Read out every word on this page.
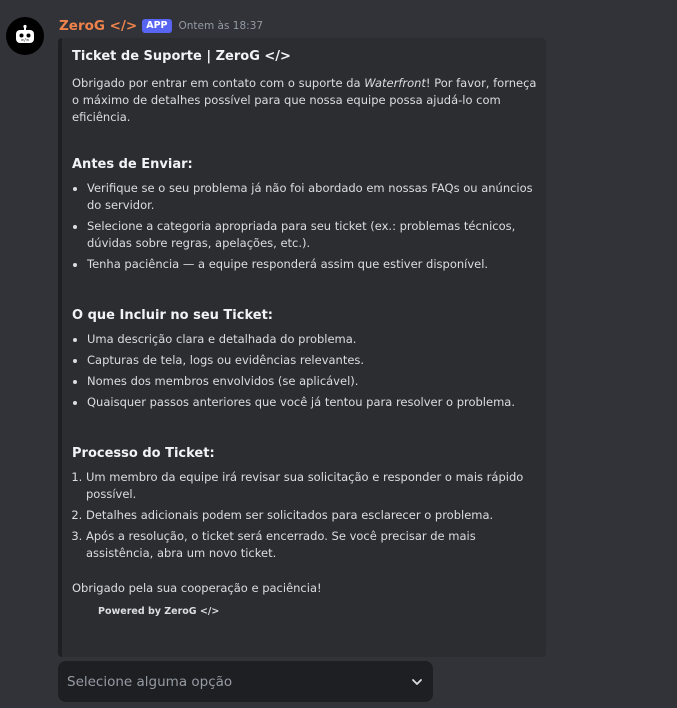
</>
ZeroG </> APP	Ontem às 18:37
Ticket de Suporte | ZeroG </>

Obrigado por entrar em contato com o suporte da Waterfront! Por favor, forneça o máximo de detalhes possível para que nossa equipe possa ajudá-lo com eficiência.

Antes de Enviar:
• Verifique se o seu problema já não foi abordado em nossas FAQs ou anúncios do servidor.
• Selecione a categoria apropriada para seu ticket (ex.: problemas técnicos, dúvidas sobre regras, apelações, etc.).
• Tenha paciência — a equipe responderá assim que estiver disponível.
O que Incluir no seu Ticket:
• Uma descrição clara e detalhada do problema.
• Capturas de tela, logs ou evidências relevantes.
• Nomes dos membros envolvidos (se aplicável).
• Quaisquer passos anteriores que você já tentou para resolver o problema.
Processo do Ticket:
1. Um membro da equipe irá revisar sua solicitação e responder o mais rápido possível.
2. Detalhes adicionais podem ser solicitados para esclarecer o problema.
3. Após a resolução, o ticket será encerrado. Se você precisar de mais assistência, abra um novo ticket.

Obrigado pela sua cooperação e paciência!

Powered by ZeroG </>
Selecione alguma opção
